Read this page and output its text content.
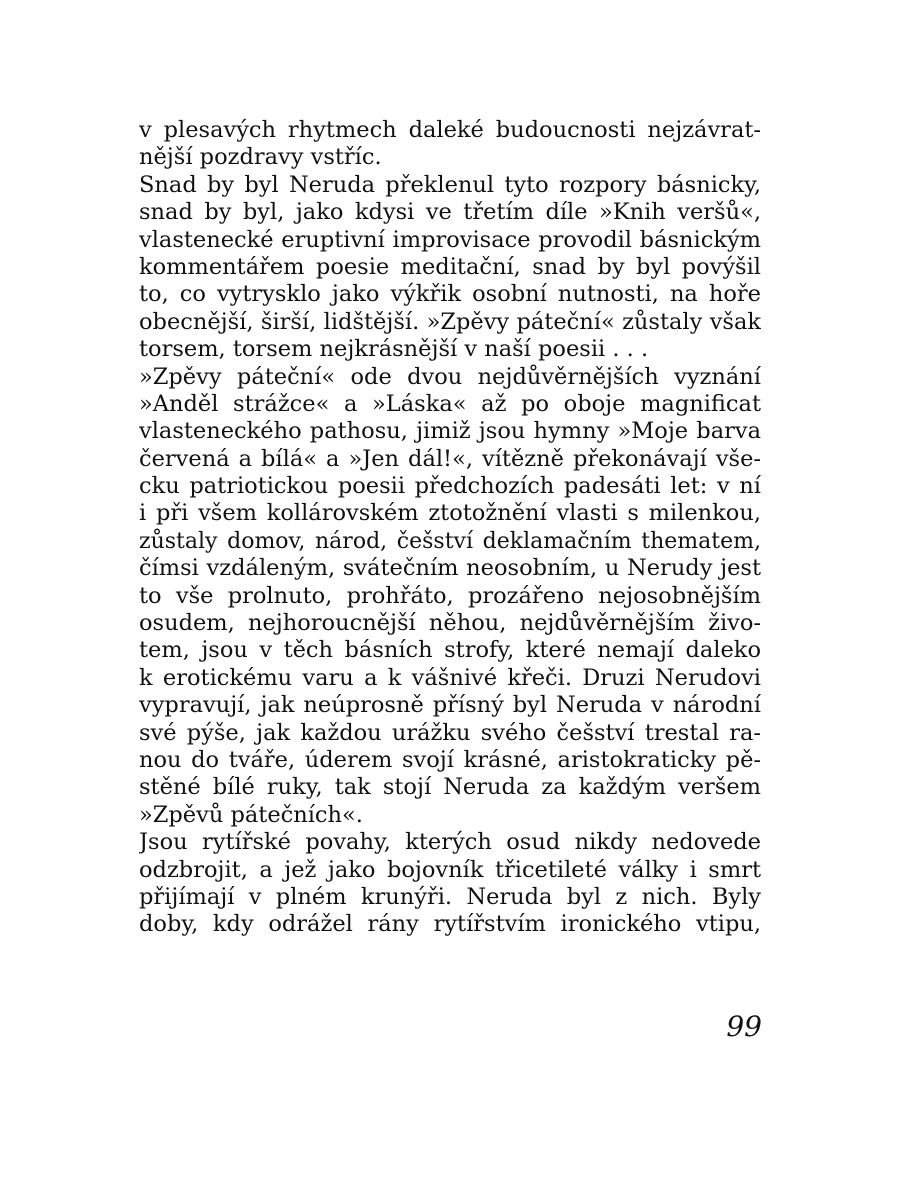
v plesavých rhytmech daleké budoucnosti nejzávrat-
nější pozdravy vstříc.
Snad by byl Neruda překlenul tyto rozpory básnicky,
snad by byl, jako kdysi ve třetím díle »Knih veršů«,
vlastenecké eruptivní improvisace provodil básnickým
kommentářem poesie meditační, snad by byl povýšil
to, co vytrysklo jako výkřik osobní nutnosti, na hoře
obecnější, širší, lidštější. »Zpěvy páteční« zůstaly však
torsem, torsem nejkrásnější v naší poesii . . .
»Zpěvy páteční« ode dvou nejdůvěrnějších vyznání
»Anděl strážce« a »Láska« až po oboje magnificat
vlasteneckého pathosu, jimiž jsou hymny »Moje barva
červená a bílá« a »Jen dál!«, vítězně překonávají vše-
cku patriotickou poesii předchozích padesáti let: v ní
i při všem kollárovském ztotožnění vlasti s milenkou,
zůstaly domov, národ, češství deklamačním thematem,
čímsi vzdáleným, svátečním neosobním, u Nerudy jest
to vše prolnuto, prohřáto, prozářeno nejosobnějším
osudem, nejhoroucnější něhou, nejdůvěrnějším živo-
tem, jsou v těch básních strofy, které nemají daleko
k erotickému varu a k vášnivé křeči. Druzi Nerudovi
vypravují, jak neúprosně přísný byl Neruda v národní
své pýše, jak každou urážku svého češství trestal ra-
nou do tváře, úderem svojí krásné, aristokraticky pě-
stěné bílé ruky, tak stojí Neruda za každým veršem
»Zpěvů pátečních«.
Jsou rytířské povahy, kterých osud nikdy nedovede
odzbrojit, a jež jako bojovník třicetileté války i smrt
přijímají v plném krunýři. Neruda byl z nich. Byly
doby, kdy odrážel rány rytířstvím ironického vtipu,
99
